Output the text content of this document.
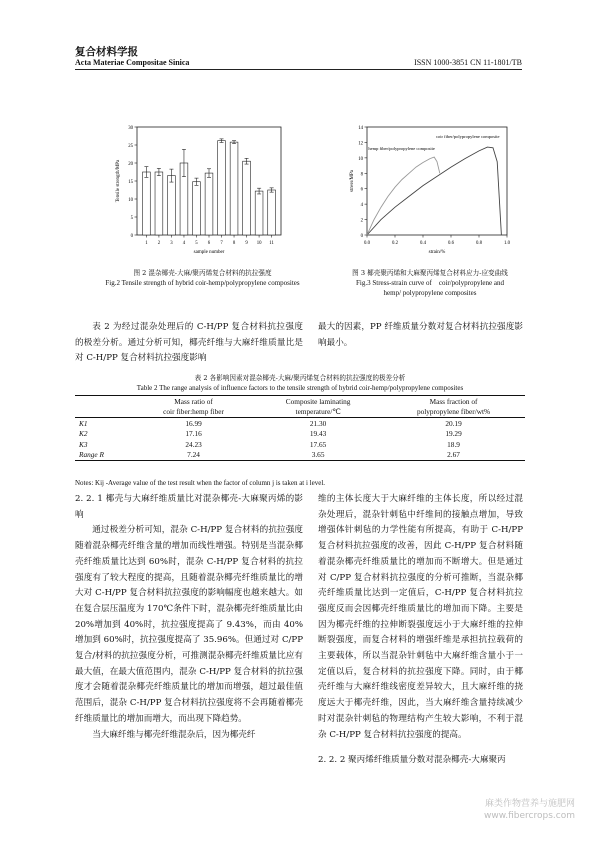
复合材料学报
Acta Materiae Compositae Sinica	ISSN 1000-3851 CN 11-1801/TB
0
5
10
15
20
25
30
1 2 3 4 5 6 7 8 9 10 11
sample number
Tensile strength/MPa
0
2
4
6
8
10
12
14
0.0	0.2	0.4	0.6	0.8	1.0
coir fiber/polypropylene composite
hemp fiber/polypropylene composite
strain/%
stress/MPa
图 2 混杂椰壳-大麻/聚丙烯复合材料的抗拉强度
Fig.2 Tensile strength of hybrid coir-hemp/polypropylene composites
图 3 椰壳聚丙烯和大麻聚丙烯复合材料应力-应变曲线
Fig.3 Stress-strain curve of    coir/polypropylene and
hemp/ polypropylene composites

表 2 为经过混杂处理后的 C-H/PP 复合材料抗拉强度的极差分析。通过分析可知，椰壳纤维与大麻纤维质量比是对 C-H/PP 复合材料抗拉强度影响

最大的因素，PP 纤维质量分数对复合材料抗拉强度影响最小。

表 2 各影响因素对混杂椰壳-大麻/聚丙烯复合材料的抗拉强度的极差分析
Table 2 The range analysis of influence factors to the tensile strength of hybrid coir-hemp/polypropylene composites
	Mass ratio of	Composite laminating	Mass fraction of
	coir fiber:hemp fiber	temperature/℃	polypropylene fiber/wt%
K1	16.99	21.30	20.19
K2	17.16	19.43	19.29
K3	24.23	17.65	18.9
Range R	7.24	3.65	2.67
Notes: Kij -Average value of the test result when the factor of column j is taken at i level.
2. 2. 1 椰壳与大麻纤维质量比对混杂椰壳-大麻聚丙烯的影响

通过极差分析可知，混杂 C-H/PP 复合材料的抗拉强度随着混杂椰壳纤维含量的增加而线性增强。特别是当混杂椰壳纤维质量比达到 60%时，混杂 C-H/PP 复合材料的抗拉强度有了较大程度的提高，且随着混杂椰壳纤维质量比的增大对 C-H/PP 复合材料抗拉强度的影响幅度也越来越大。如在复合层压温度为 170℃条件下时，混杂椰壳纤维质量比由 20%增加到 40%时，抗拉强度提高了 9.43%，而由 40%增加到 60%时，抗拉强度提高了 35.96%。但通过对 C/PP 复合/材料的抗拉强度分析，可推测混杂椰壳纤维质量比应有最大值，在最大值范围内，混杂 C-H/PP 复合材料的抗拉强度才会随着混杂椰壳纤维质量比的增加而增强，超过最佳值范围后，混杂 C-H/PP 复合材料抗拉强度将不会再随着椰壳纤维质量比的增加而增大，而出现下降趋势。

当大麻纤维与椰壳纤维混杂后，因为椰壳纤

维的主体长度大于大麻纤维的主体长度，所以经过混杂处理后，混杂针刺毡中纤维间的接触点增加，导致增强体针刺毡的力学性能有所提高，有助于 C-H/PP 复合材料抗拉强度的改善，因此 C-H/PP 复合材料随着混杂椰壳纤维质量比的增加而不断增大。但是通过对 C/PP 复合材料抗拉强度的分析可推断，当混杂椰壳纤维质量比达到一定值后，C-H/PP 复合材料抗拉强度反而会因椰壳纤维质量比的增加而下降。主要是因为椰壳纤维的拉伸断裂强度远小于大麻纤维的拉伸断裂强度，而复合材料的增强纤维是承担抗拉载荷的主要载体，所以当混杂针刺毡中大麻纤维含量小于一定值以后，复合材料的抗拉强度下降。同时，由于椰壳纤维与大麻纤维线密度差异较大，且大麻纤维的挠度远大于椰壳纤维，因此，当大麻纤维含量持续减少时对混杂针刺毡的物理结构产生较大影响，不利于混杂 C-H/PP 复合材料抗拉强度的提高。

2. 2. 2 聚丙烯纤维质量分数对混杂椰壳-大麻聚丙
麻类作物营养与施肥网
www.fibercrops.com
